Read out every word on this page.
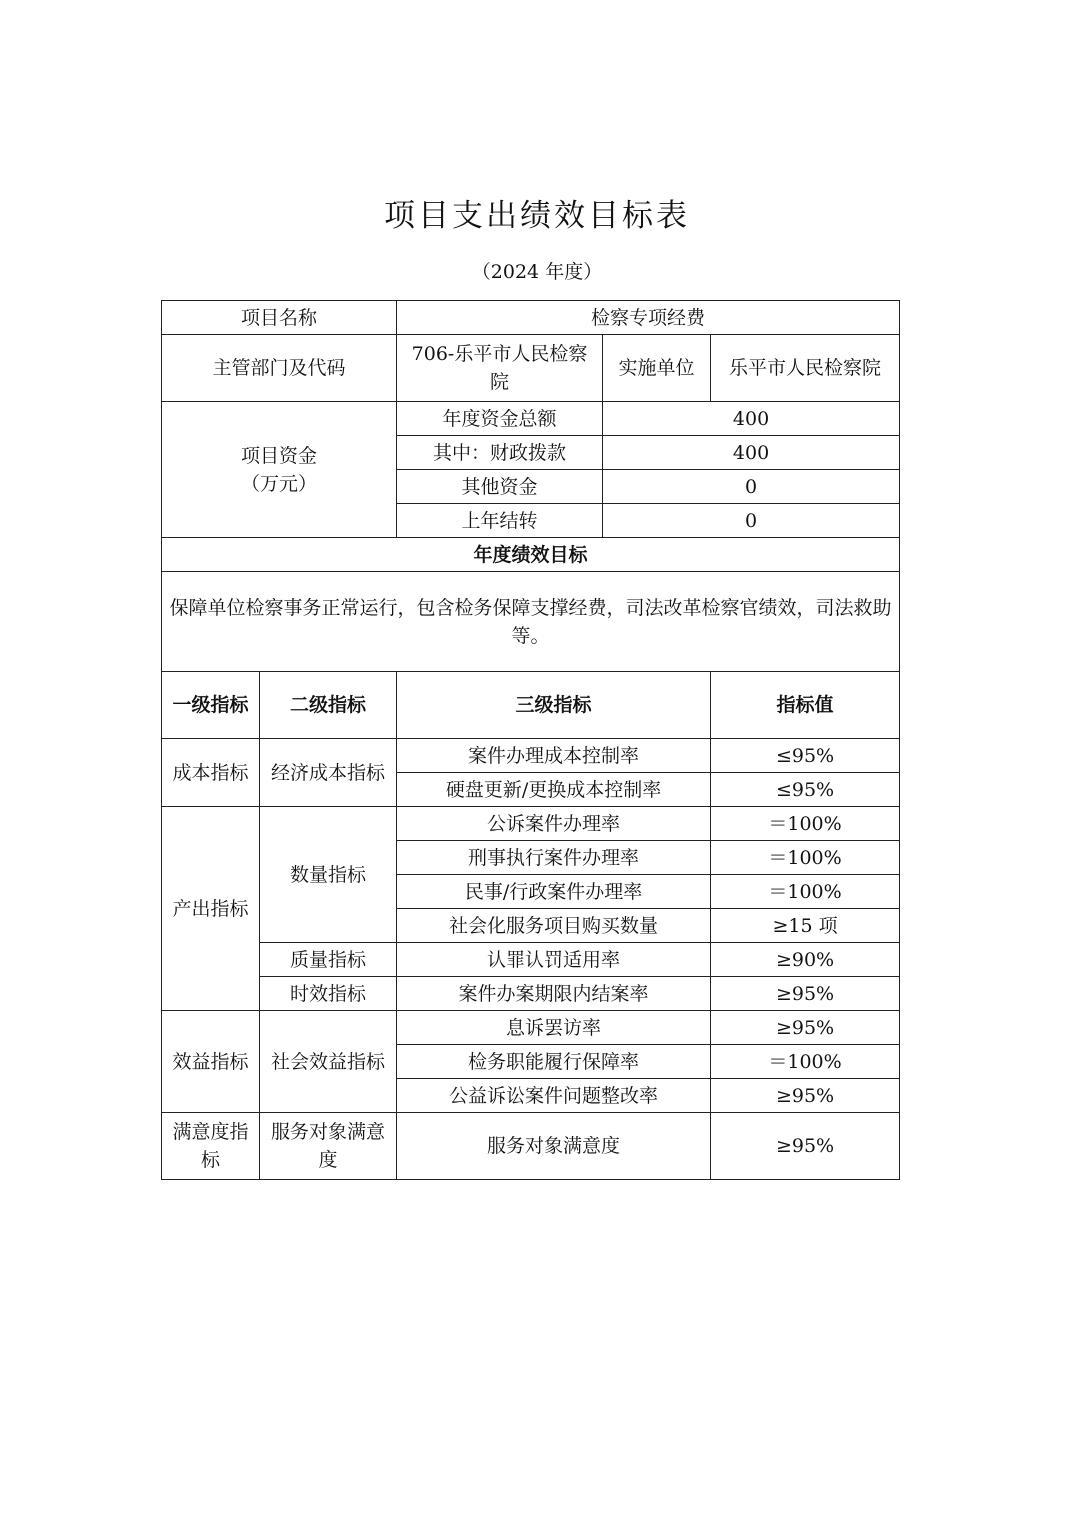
项目支出绩效目标表
（2024 年度）
项目名称		检察专项经费		
主管部门及代码		706-乐平市人民检察院	实施单位	乐平市人民检察院

项目资金
（万元）		年度资金总额	400	
		其中：财政拨款	400	
		其他资金	0	
		上年结转	0	
年度绩效目标				
保障单位检察事务正常运行，包含检务保障支撑经费，司法改革检察官绩效，司法救助等。				
一级指标	二级指标	三级指标		指标值
成本指标	经济成本指标	案件办理成本控制率		≤95%
		硬盘更新/更换成本控制率		≤95%
产出指标	数量指标	公诉案件办理率		＝100%
		刑事执行案件办理率		＝100%
		民事/行政案件办理率		＝100%
		社会化服务项目购买数量		≥15 项
	质量指标	认罪认罚适用率		≥90%
	时效指标	案件办案期限内结案率		≥95%
效益指标	社会效益指标	息诉罢访率		≥95%
		检务职能履行保障率		＝100%
		公益诉讼案件问题整改率		≥95%
满意度指标	服务对象满意度	服务对象满意度		≥95%
